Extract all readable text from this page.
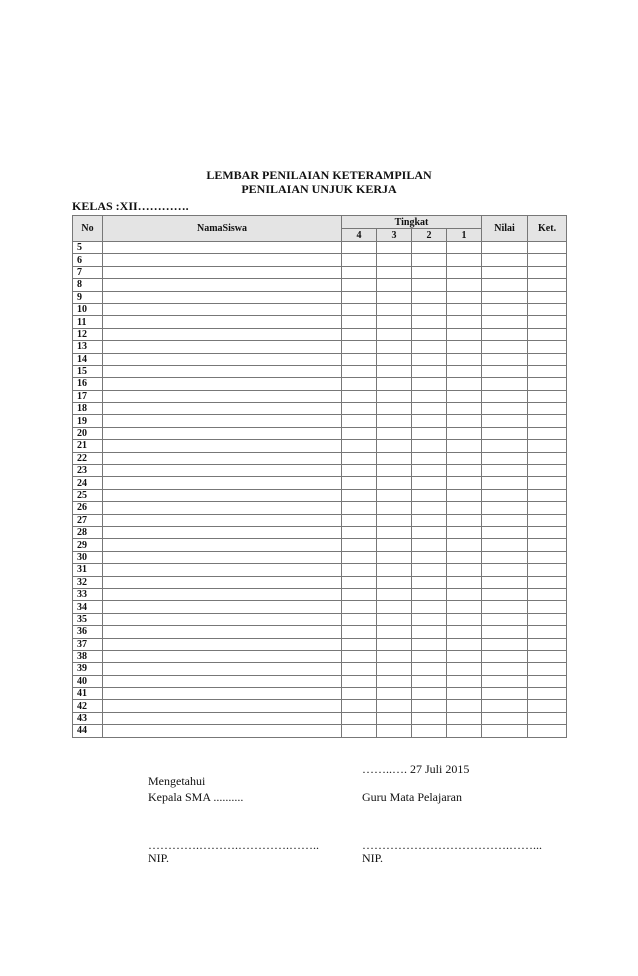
LEMBAR PENILAIAN KETERAMPILAN
PENILAIAN UNJUK KERJA
KELAS :XII………….
No	NamaSiswa	Tingkat				Nilai	Ket.
		4	3	2	1		
5							
6							
7							
8							
9							
10							
11							
12							
13							
14							
15							
16							
17							
18							
19							
20							
21							
22							
23							
24							
25							
26							
27							
28							
29							
30							
31							
32							
33							
34							
35							
36							
37							
38							
39							
40							
41							
42							
43							
44							
……..…. 27 Juli 2015
Mengetahui
Kepala SMA ..........	Guru Mata Pelajaran
………….……….………….……..	……………………………….……...
NIP.	NIP.
